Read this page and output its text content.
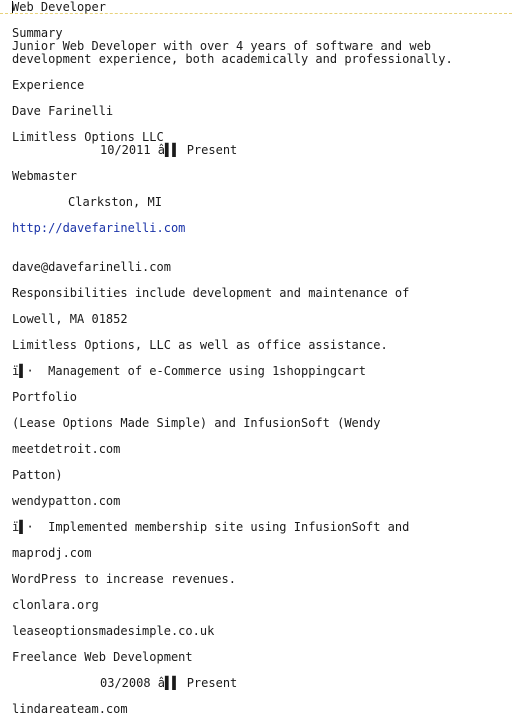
Web Developer
Summary
Junior Web Developer with over 4 years of software and web
development experience, both academically and professionally.
Experience
Dave Farinelli
Limitless Options LLC
10/2011 â▌▌ Present
Webmaster
Clarkston, MI
http://davefarinelli.com
dave@davefarinelli.com
Responsibilities include development and maintenance of
Lowell, MA 01852
Limitless Options, LLC as well as office assistance.
ï▌·  Management of e-Commerce using 1shoppingcart
Portfolio
(Lease Options Made Simple) and InfusionSoft (Wendy
meetdetroit.com
Patton)
wendypatton.com
ï▌·  Implemented membership site using InfusionSoft and
maprodj.com
WordPress to increase revenues.
clonlara.org
leaseoptionsmadesimple.co.uk
Freelance Web Development
03/2008 â▌▌ Present
lindareateam.com
